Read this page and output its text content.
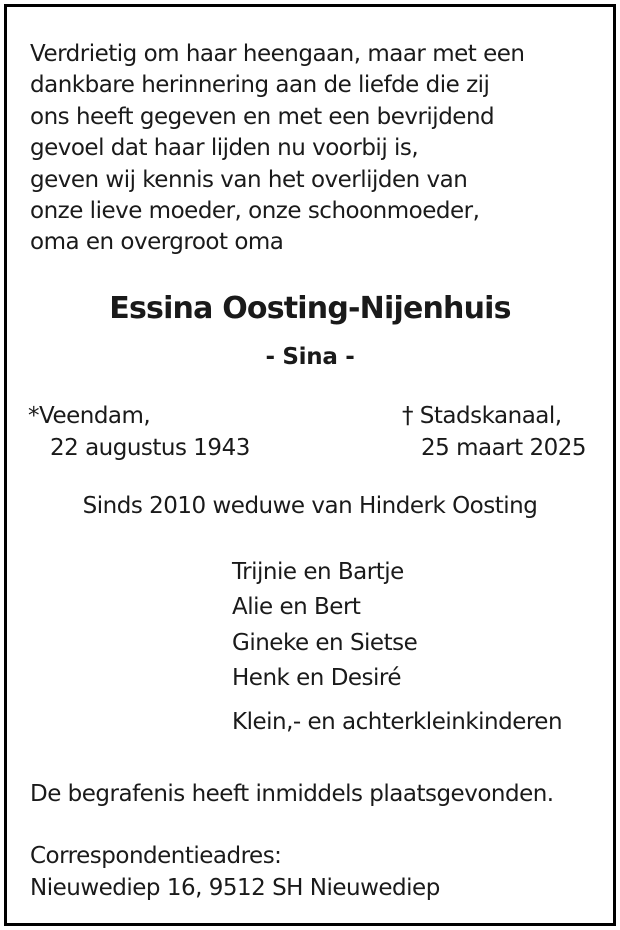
Verdrietig om haar heengaan, maar met een
dankbare herinnering aan de liefde die zij
ons heeft gegeven en met een bevrijdend
gevoel dat haar lijden nu voorbij is,
geven wij kennis van het overlijden van
onze lieve moeder, onze schoonmoeder,
oma en overgroot oma
Essina Oosting-Nijenhuis
- Sina -
*Veendam,
22 augustus 1943
† Stadskanaal,
25 maart 2025
Sinds 2010 weduwe van Hinderk Oosting
Trijnie en Bartje
Alie en Bert
Gineke en Sietse
Henk en Desiré
Klein,- en achterkleinkinderen
De begrafenis heeft inmiddels plaatsgevonden.
Correspondentieadres:
Nieuwediep 16, 9512 SH Nieuwediep
